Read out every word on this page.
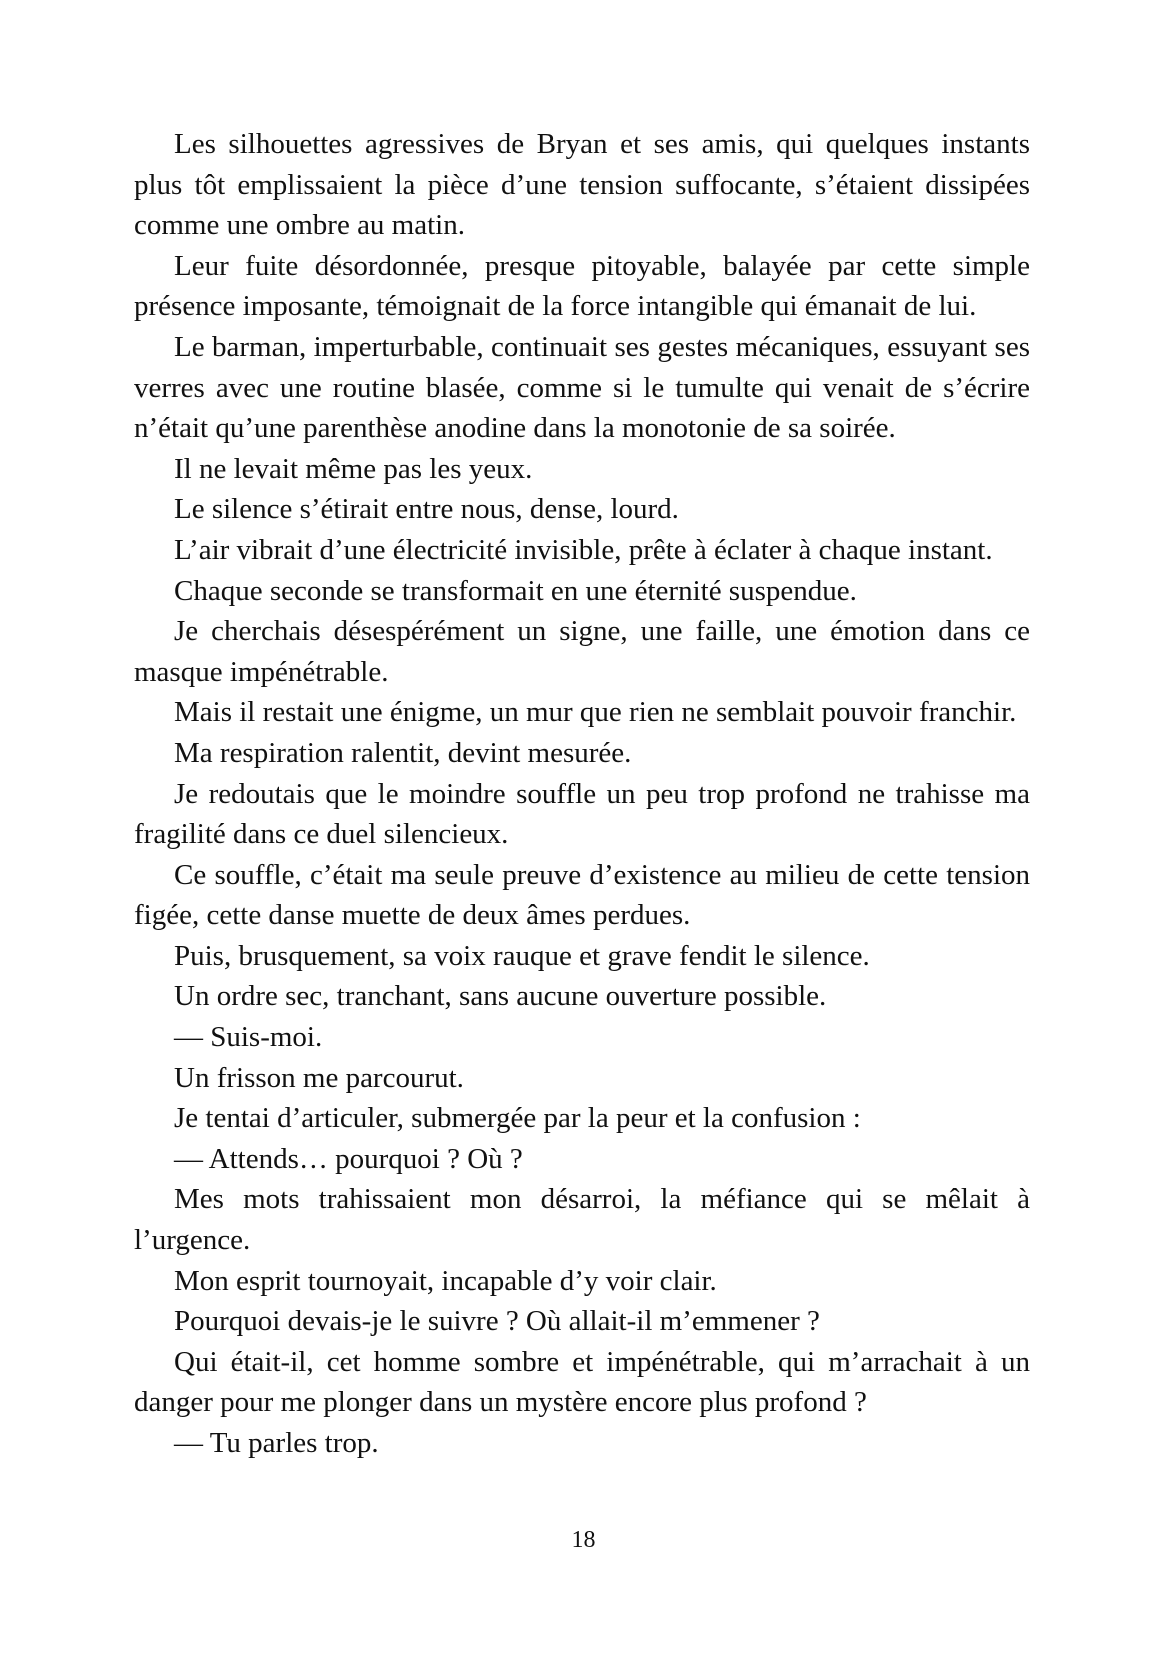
Les silhouettes agressives de Bryan et ses amis, qui quelques instants plus tôt emplissaient la pièce d’une tension suffocante, s’étaient dissipées comme une ombre au matin.

Leur fuite désordonnée, presque pitoyable, balayée par cette simple présence imposante, témoignait de la force intangible qui émanait de lui.

Le barman, imperturbable, continuait ses gestes mécaniques, essuyant ses verres avec une routine blasée, comme si le tumulte qui venait de s’écrire n’était qu’une parenthèse anodine dans la monotonie de sa soirée.

Il ne levait même pas les yeux.

Le silence s’étirait entre nous, dense, lourd.

L’air vibrait d’une électricité invisible, prête à éclater à chaque instant.

Chaque seconde se transformait en une éternité suspendue.

Je cherchais désespérément un signe, une faille, une émotion dans ce masque impénétrable.

Mais il restait une énigme, un mur que rien ne semblait pouvoir franchir.

Ma respiration ralentit, devint mesurée.

Je redoutais que le moindre souffle un peu trop profond ne trahisse ma fragilité dans ce duel silencieux.

Ce souffle, c’était ma seule preuve d’existence au milieu de cette tension figée, cette danse muette de deux âmes perdues.

Puis, brusquement, sa voix rauque et grave fendit le silence.

Un ordre sec, tranchant, sans aucune ouverture possible.

— Suis-moi.

Un frisson me parcourut.

Je tentai d’articuler, submergée par la peur et la confusion :

— Attends… pourquoi ? Où ?

Mes mots trahissaient mon désarroi, la méfiance qui se mêlait à l’urgence.

Mon esprit tournoyait, incapable d’y voir clair.

Pourquoi devais-je le suivre ? Où allait-il m’emmener ?

Qui était-il, cet homme sombre et impénétrable, qui m’arrachait à un danger pour me plonger dans un mystère encore plus profond ?

— Tu parles trop.

18
